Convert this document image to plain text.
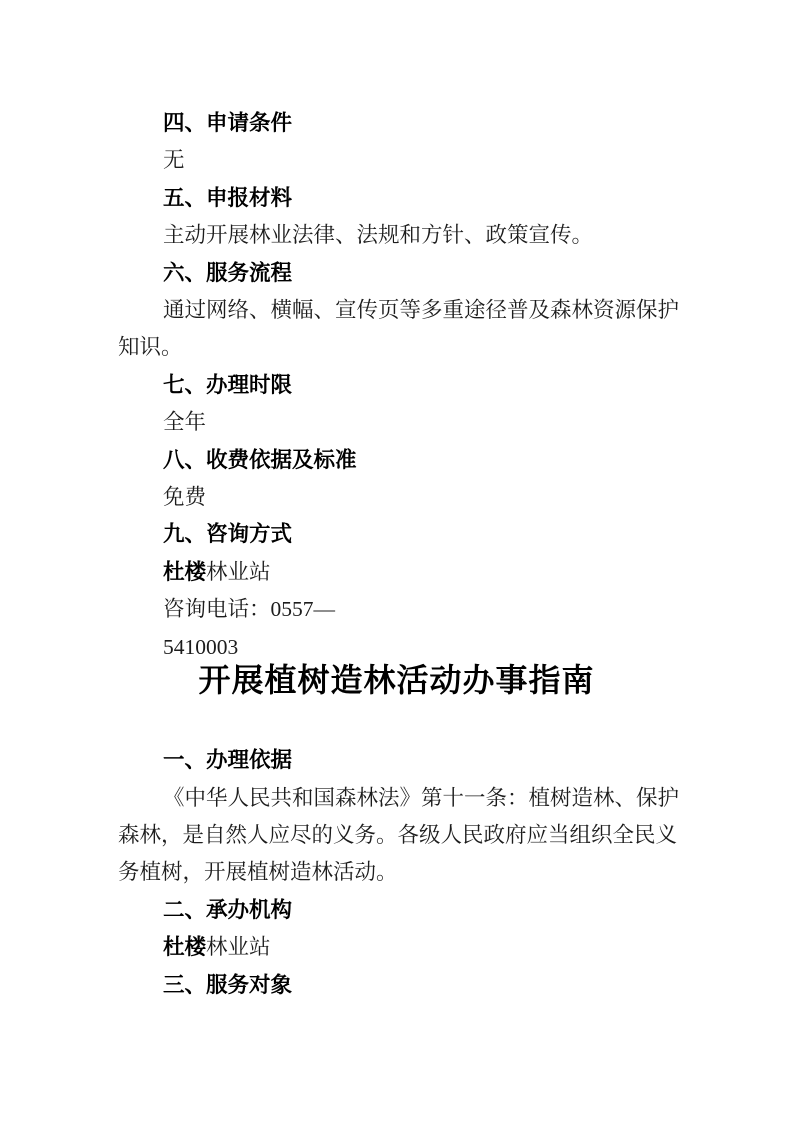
四、申请条件
无
五、申报材料
主动开展林业法律、法规和方针、政策宣传。
六、服务流程
通过网络、横幅、宣传页等多重途径普及森林资源保护
知识。
七、办理时限
全年
八、收费依据及标准
免费
九、咨询方式
杜楼林业站
咨询电话：0557—
5410003
开展植树造林活动办事指南
一、办理依据
《中华人民共和国森林法》第十一条：植树造林、保护
森林，是自然人应尽的义务。各级人民政府应当组织全民义
务植树，开展植树造林活动。
二、承办机构
杜楼林业站
三、服务对象
